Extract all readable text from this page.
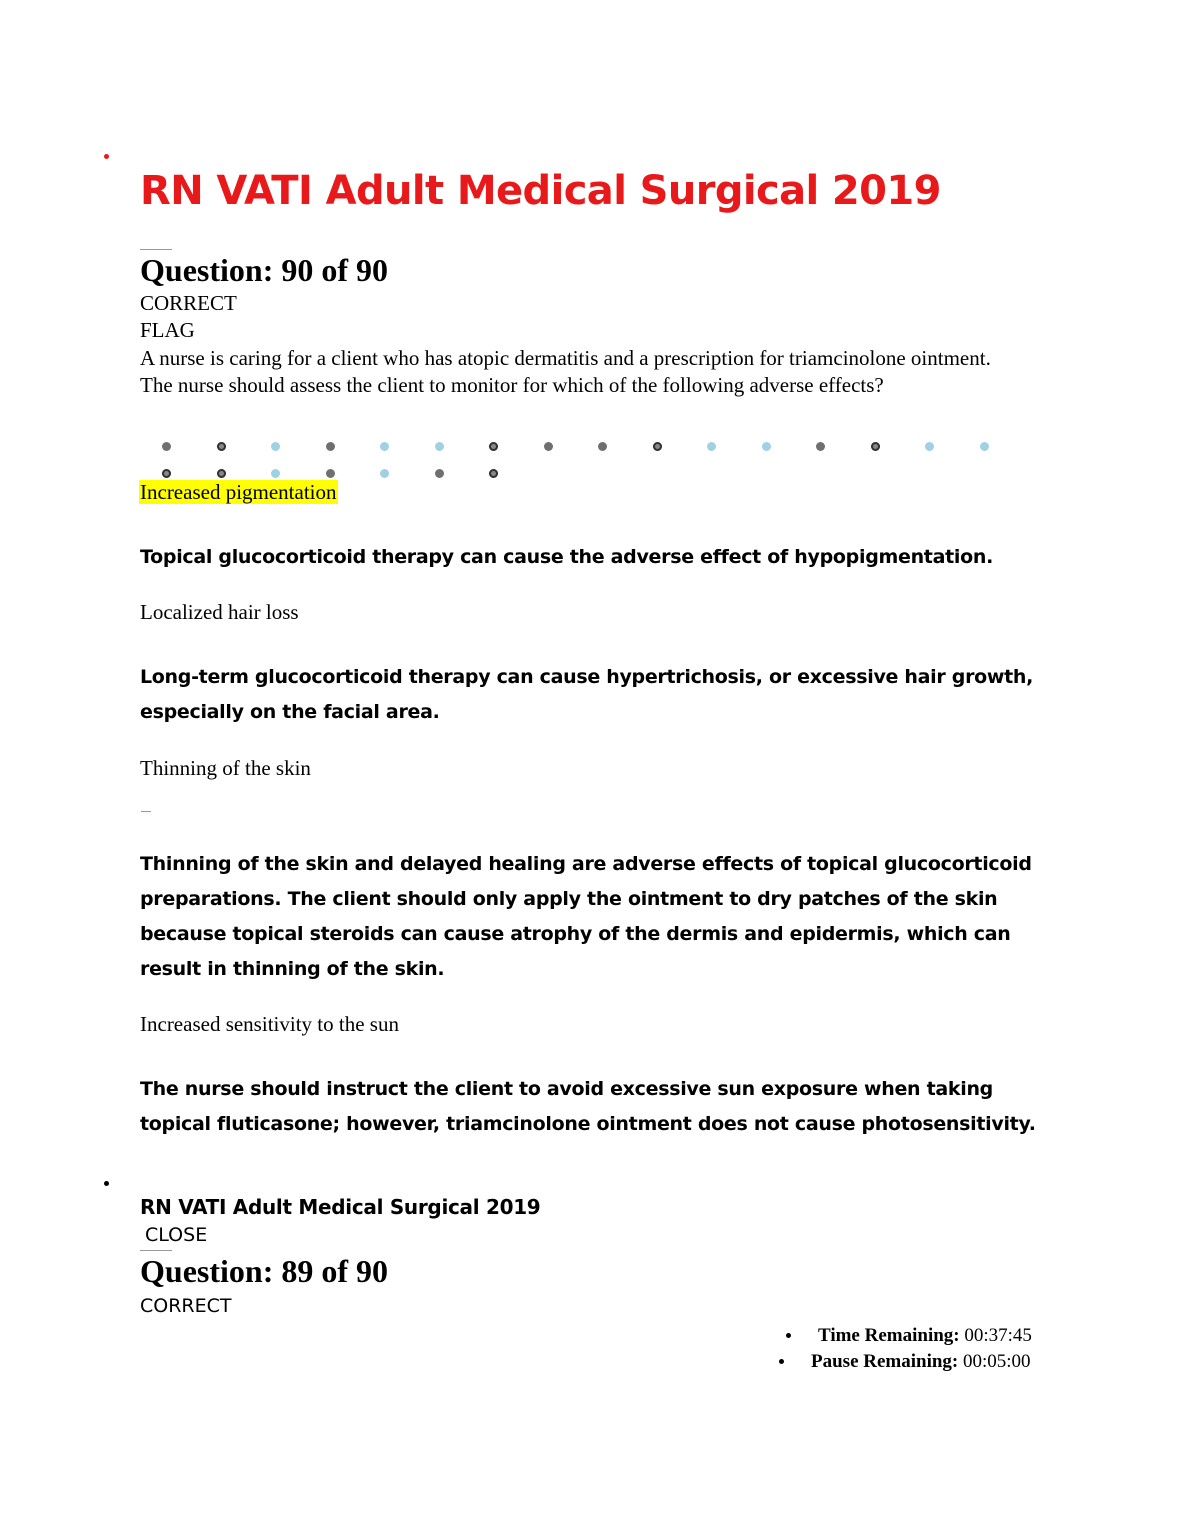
RN VATI Adult Medical Surgical 2019
Question: 90 of 90
CORRECT
FLAG
A nurse is caring for a client who has atopic dermatitis and a prescription for triamcinolone ointment. The nurse should assess the client to monitor for which of the following adverse effects?
Increased pigmentation
Topical glucocorticoid therapy can cause the adverse effect of hypopigmentation.
Localized hair loss
Long-term glucocorticoid therapy can cause hypertrichosis, or excessive hair growth, especially on the facial area.
Thinning of the skin
Thinning of the skin and delayed healing are adverse effects of topical glucocorticoid preparations. The client should only apply the ointment to dry patches of the skin because topical steroids can cause atrophy of the dermis and epidermis, which can result in thinning of the skin.
Increased sensitivity to the sun
The nurse should instruct the client to avoid excessive sun exposure when taking topical fluticasone; however, triamcinolone ointment does not cause photosensitivity.
RN VATI Adult Medical Surgical 2019
CLOSE
Question: 89 of 90
CORRECT
Time Remaining: 00:37:45
Pause Remaining: 00:05:00
